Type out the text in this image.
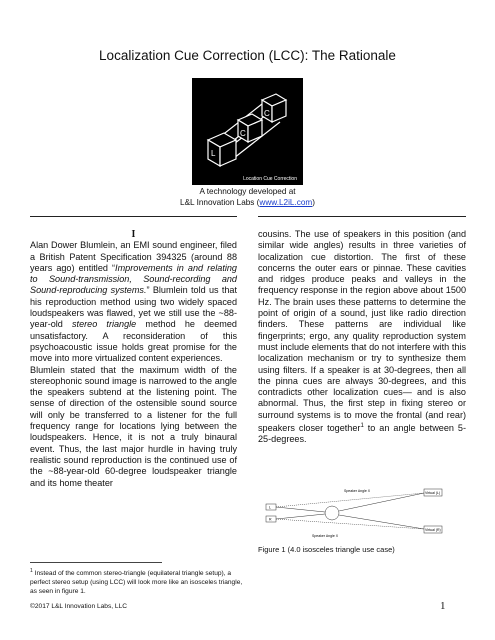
Localization Cue Correction (LCC): The Rationale
L
C
C
Location Cue Correction
A technology developed at
L&L Innovation Labs (www.L2iL.com)

I

Alan Dower Blumlein, an EMI sound engineer, filed a British Patent Specification 394325 (around 88 years ago) entitled “Improvements in and relating to Sound-transmission, Sound-recording and Sound-reproducing systems.” Blumlein told us that his reproduction method using two widely spaced loudspeakers was flawed, yet we still use the ~88-year-old stereo triangle method he deemed unsatisfactory. A reconsideration of this psychoacoustic issue holds great promise for the move into more virtualized content experiences.

Blumlein stated that the maximum width of the stereophonic sound image is narrowed to the angle the speakers subtend at the listening point. The sense of direction of the ostensible sound source will only be transferred to a listener for the full frequency range for locations lying between the loudspeakers. Hence, it is not a truly binaural event. Thus, the last major hurdle in having truly realistic sound reproduction is the continued use of the ~88-year-old 60-degree loudspeaker triangle and its home theater

cousins. The use of speakers in this position (and similar wide angles) results in three varieties of localization cue distortion. The first of these concerns the outer ears or pinnae. These cavities and ridges produce peaks and valleys in the frequency response in the region above about 1500 Hz. The brain uses these patterns to determine the point of origin of a sound, just like radio direction finders. These patterns are individual like fingerprints; ergo, any quality reproduction system must include elements that do not interfere with this localization mechanism or try to synthesize them using filters. If a speaker is at 30-degrees, then all the pinna cues are always 30-degrees, and this contradicts other localization cues— and is also abnormal. Thus, the first step in fixing stereo or surround systems is to move the frontal (and rear) speakers closer together$^1$ to an angle between 5-25-degrees.

Speaker Angle X
Speaker Angle X
Virtual (L)
Virtual (R)
L
R
Figure 1 (4.0 isosceles triangle use case)
$^1$ Instead of the common stereo-triangle (equilateral triangle setup), a perfect stereo setup (using LCC) will look more like an isosceles triangle, as seen in figure 1.
©2017 L&L Innovation Labs, LLC	1
